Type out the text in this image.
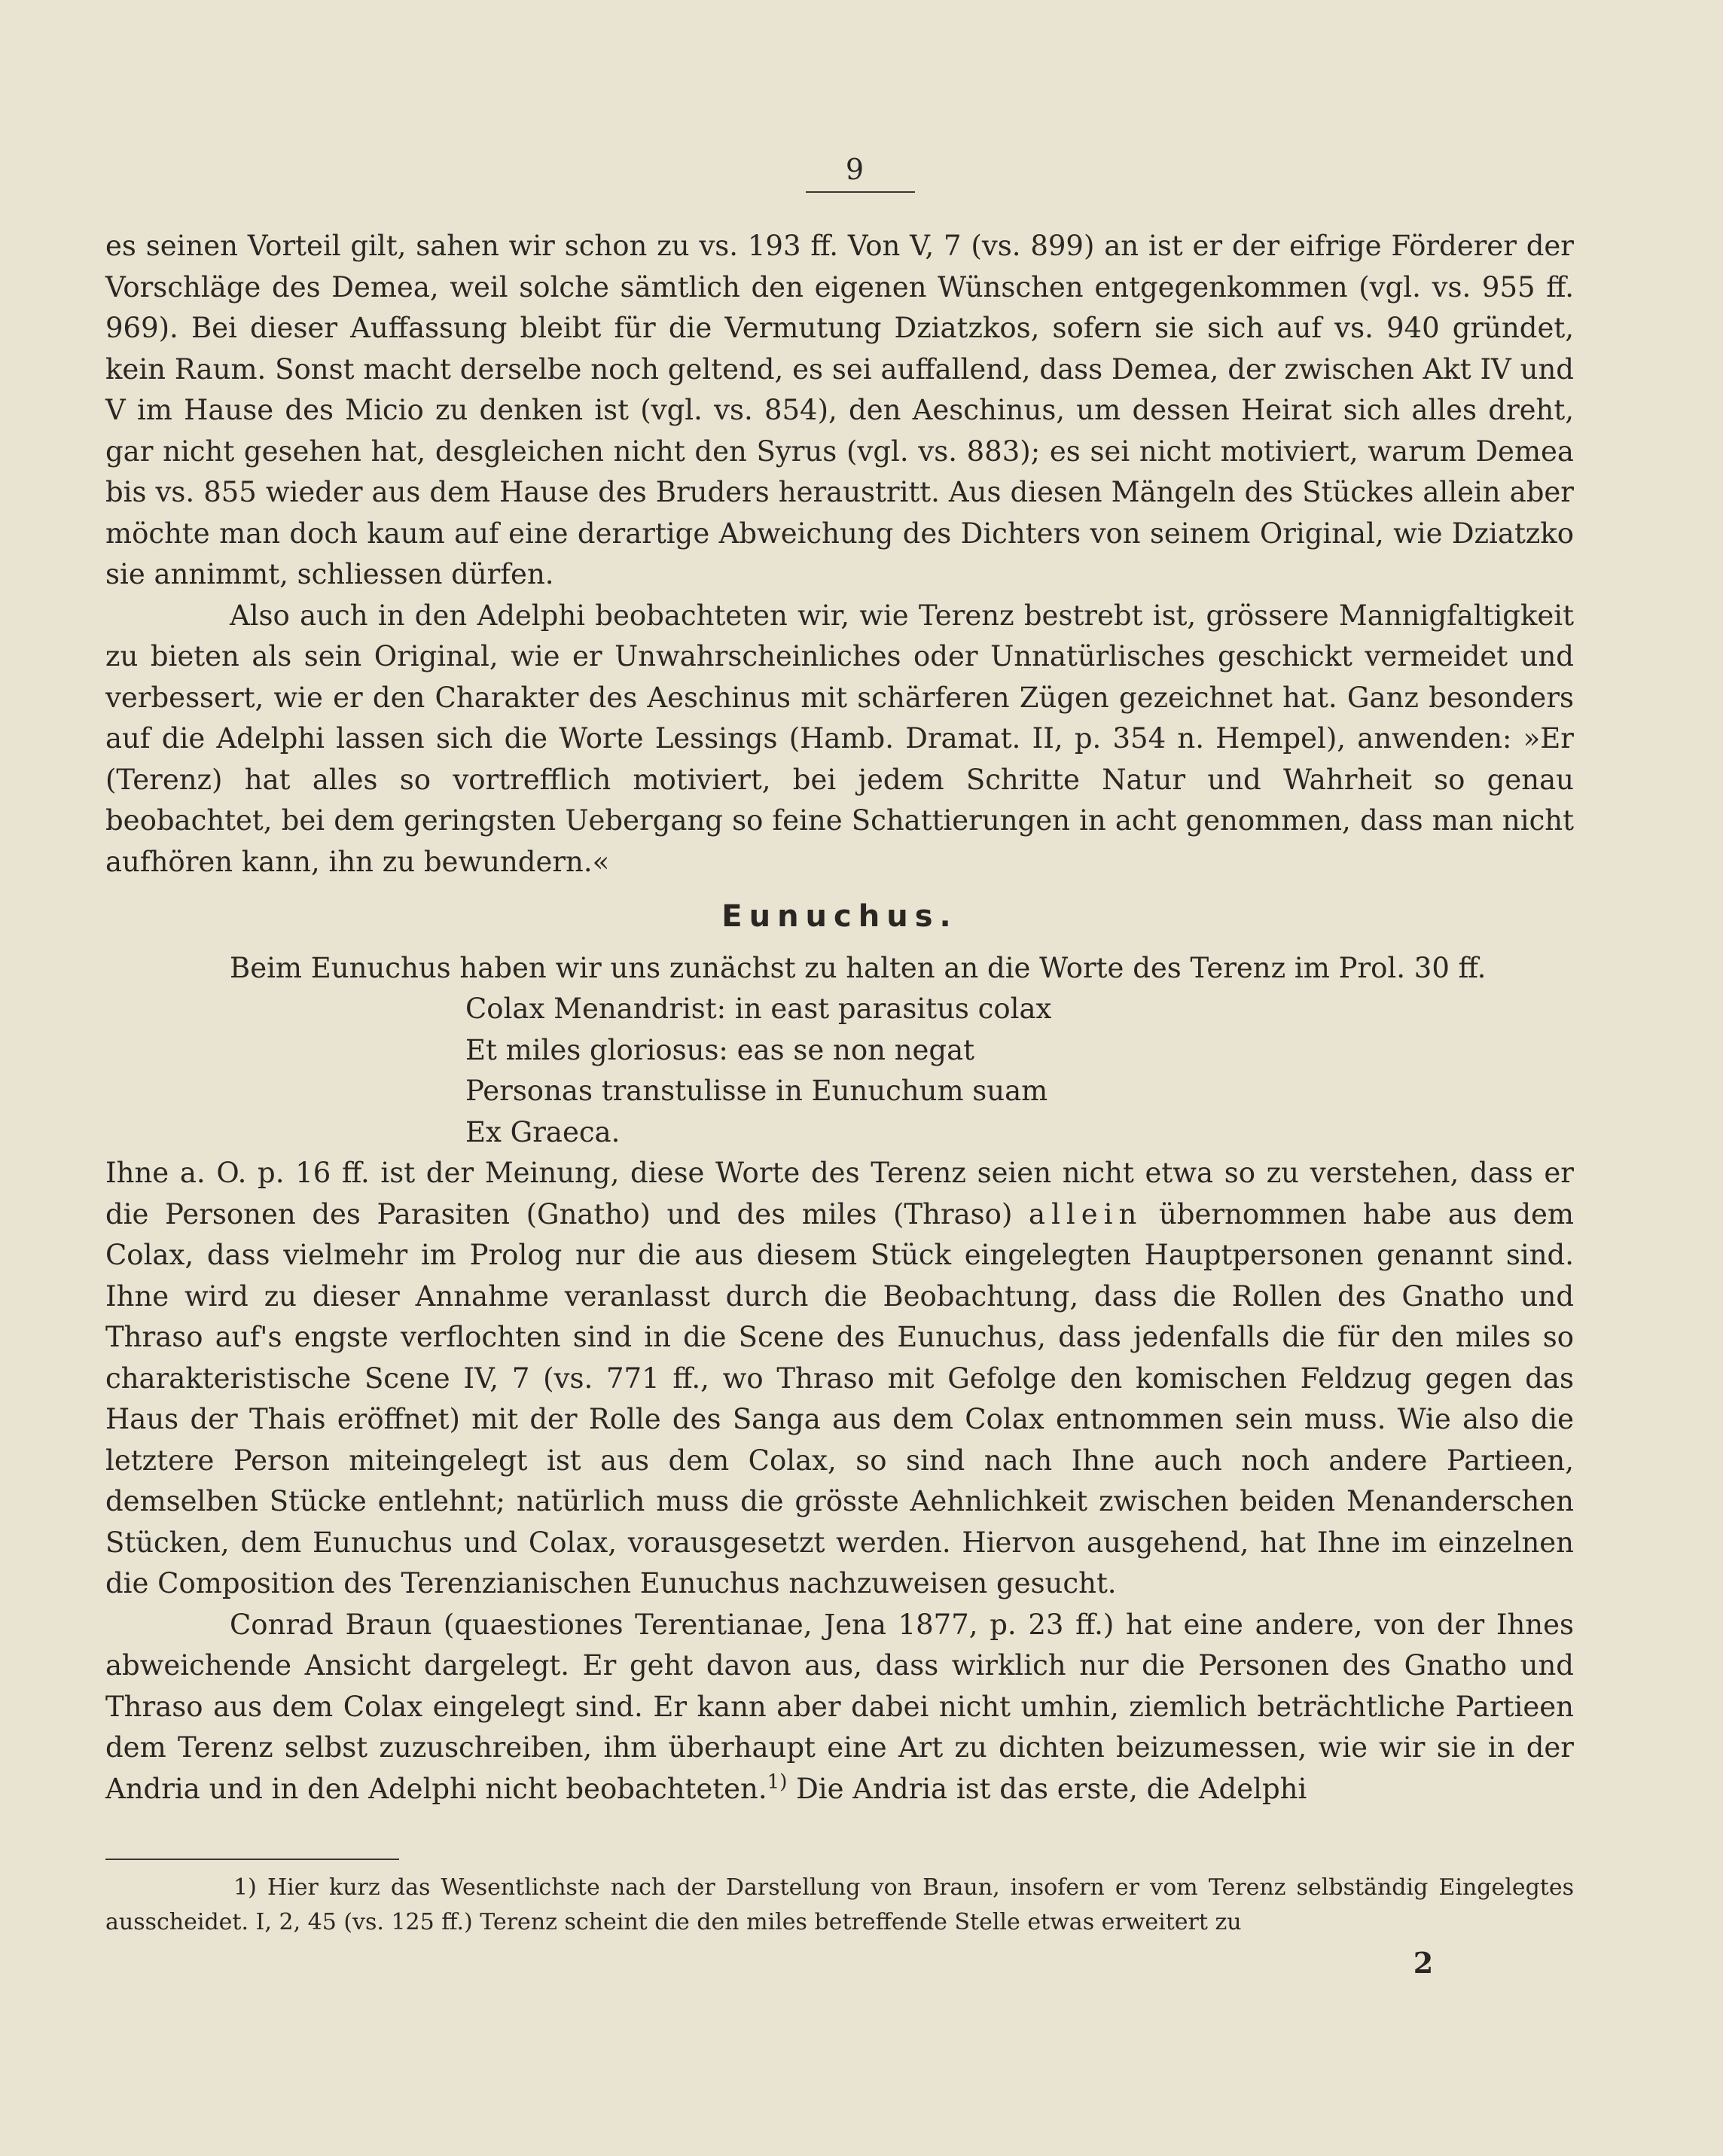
9

es seinen Vorteil gilt, sahen wir schon zu vs. 193 ff. Von V, 7 (vs. 899) an ist er der eifrige Förderer der Vorschläge des Demea, weil solche sämtlich den eigenen Wünschen entgegenkommen (vgl. vs. 955 ff. 969). Bei dieser Auffassung bleibt für die Vermutung Dziatzkos, sofern sie sich auf vs. 940 gründet, kein Raum. Sonst macht derselbe noch geltend, es sei auffallend, dass Demea, der zwischen Akt IV und V im Hause des Micio zu denken ist (vgl. vs. 854), den Aeschinus, um dessen Heirat sich alles dreht, gar nicht gesehen hat, desgleichen nicht den Syrus (vgl. vs. 883); es sei nicht motiviert, warum Demea bis vs. 855 wieder aus dem Hause des Bruders heraustritt. Aus diesen Mängeln des Stückes allein aber möchte man doch kaum auf eine derartige Abweichung des Dichters von seinem Original, wie Dziatzko sie annimmt, schliessen dürfen.

Also auch in den Adelphi beobachteten wir, wie Terenz bestrebt ist, grössere Mannigfaltigkeit zu bieten als sein Original, wie er Unwahrscheinliches oder Unnatürlisches geschickt vermeidet und verbessert, wie er den Charakter des Aeschinus mit schärferen Zügen gezeichnet hat. Ganz besonders auf die Adelphi lassen sich die Worte Lessings (Hamb. Dramat. II, p. 354 n. Hempel), anwenden: »Er (Terenz) hat alles so vortrefflich motiviert, bei jedem Schritte Natur und Wahrheit so genau beobachtet, bei dem geringsten Uebergang so feine Schattierungen in acht genommen, dass man nicht aufhören kann, ihn zu bewundern.«

Eunuchus.

Beim Eunuchus haben wir uns zunächst zu halten an die Worte des Terenz im Prol. 30 ff.

Colax Menandrist: in east parasitus colax

Et miles gloriosus: eas se non negat

Personas transtulisse in Eunuchum suam

Ex Graeca.

Ihne a. O. p. 16 ff. ist der Meinung, diese Worte des Terenz seien nicht etwa so zu verstehen, dass er die Personen des Parasiten (Gnatho) und des miles (Thraso) allein übernommen habe aus dem Colax, dass vielmehr im Prolog nur die aus diesem Stück eingelegten Hauptpersonen genannt sind. Ihne wird zu dieser Annahme veranlasst durch die Beobachtung, dass die Rollen des Gnatho und Thraso auf's engste verflochten sind in die Scene des Eunuchus, dass jedenfalls die für den miles so charakteristische Scene IV, 7 (vs. 771 ff., wo Thraso mit Gefolge den komischen Feldzug gegen das Haus der Thais eröffnet) mit der Rolle des Sanga aus dem Colax entnommen sein muss. Wie also die letztere Person miteingelegt ist aus dem Colax, so sind nach Ihne auch noch andere Partieen, demselben Stücke entlehnt; natürlich muss die grösste Aehnlichkeit zwischen beiden Menanderschen Stücken, dem Eunuchus und Colax, vorausgesetzt werden. Hiervon ausgehend, hat Ihne im einzelnen die Composition des Terenzianischen Eunuchus nachzuweisen gesucht.

Conrad Braun (quaestiones Terentianae, Jena 1877, p. 23 ff.) hat eine andere, von der Ihnes abweichende Ansicht dargelegt. Er geht davon aus, dass wirklich nur die Personen des Gnatho und Thraso aus dem Colax eingelegt sind. Er kann aber dabei nicht umhin, ziemlich beträchtliche Partieen dem Terenz selbst zuzuschreiben, ihm überhaupt eine Art zu dichten beizumessen, wie wir sie in der Andria und in den Adelphi nicht beobachteten.$^{1)}$ Die Andria ist das erste, die Adelphi

1) Hier kurz das Wesentlichste nach der Darstellung von Braun, insofern er vom Terenz selbständig Eingelegtes ausscheidet. I, 2, 45 (vs. 125 ff.) Terenz scheint die den miles betreffende Stelle etwas erweitert zu

2
